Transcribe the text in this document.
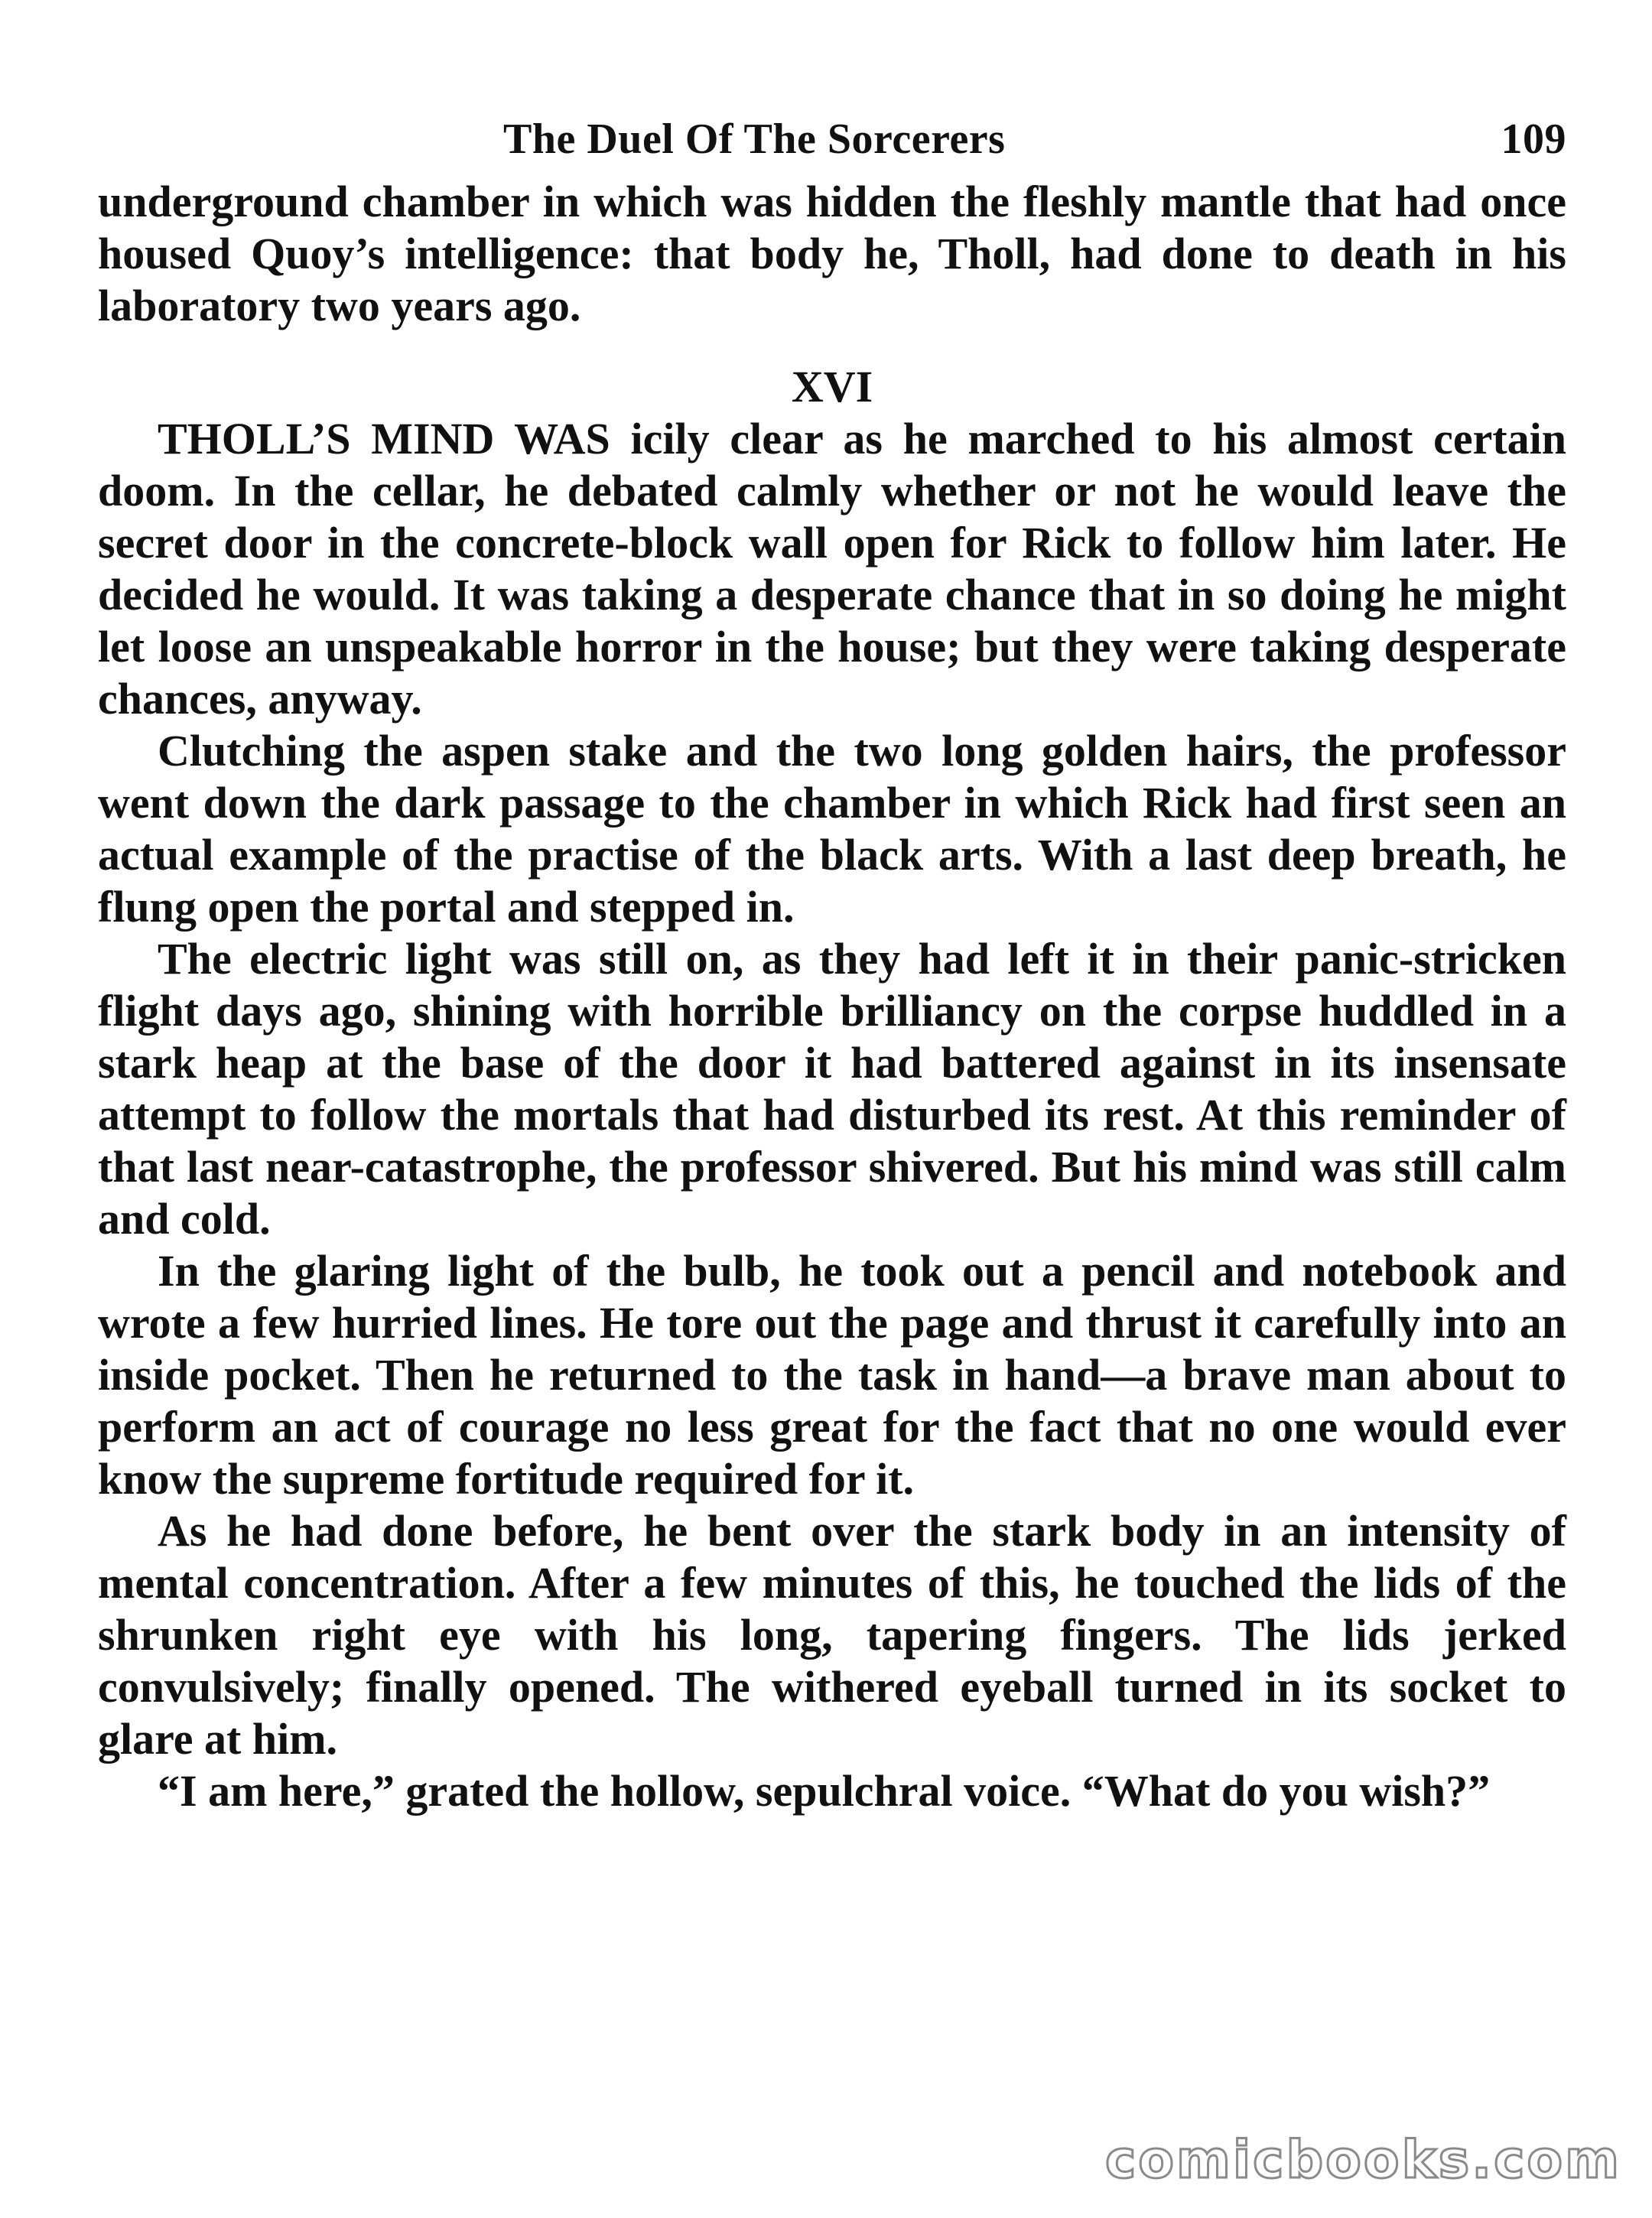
The Duel Of The Sorcerers	109

underground chamber in which was hidden the fleshly mantle that had once housed Quoy’s intelligence: that body he, Tholl, had done to death in his laboratory two years ago.

XVI

THOLL’S MIND WAS icily clear as he marched to his almost certain doom. In the cellar, he debated calmly whether or not he would leave the secret door in the concrete-block wall open for Rick to follow him later. He decided he would. It was taking a desperate chance that in so doing he might let loose an unspeakable horror in the house; but they were taking desperate chances, anyway.

Clutching the aspen stake and the two long golden hairs, the professor went down the dark passage to the chamber in which Rick had first seen an actual example of the practise of the black arts. With a last deep breath, he flung open the portal and stepped in.

The electric light was still on, as they had left it in their panic-stricken flight days ago, shining with horrible brilliancy on the corpse huddled in a stark heap at the base of the door it had battered against in its insensate attempt to follow the mortals that had disturbed its rest. At this reminder of that last near-catastrophe, the professor shivered. But his mind was still calm and cold.

In the glaring light of the bulb, he took out a pencil and notebook and wrote a few hurried lines. He tore out the page and thrust it carefully into an inside pocket. Then he returned to the task in hand—a brave man about to perform an act of courage no less great for the fact that no one would ever know the supreme fortitude required for it.

As he had done before, he bent over the stark body in an intensity of mental concentration. After a few minutes of this, he touched the lids of the shrunken right eye with his long, tapering fingers. The lids jerked convulsively; finally opened. The withered eyeball turned in its socket to glare at him.

“I am here,” grated the hollow, sepulchral voice. “What do you wish?”

comicbooks.com
